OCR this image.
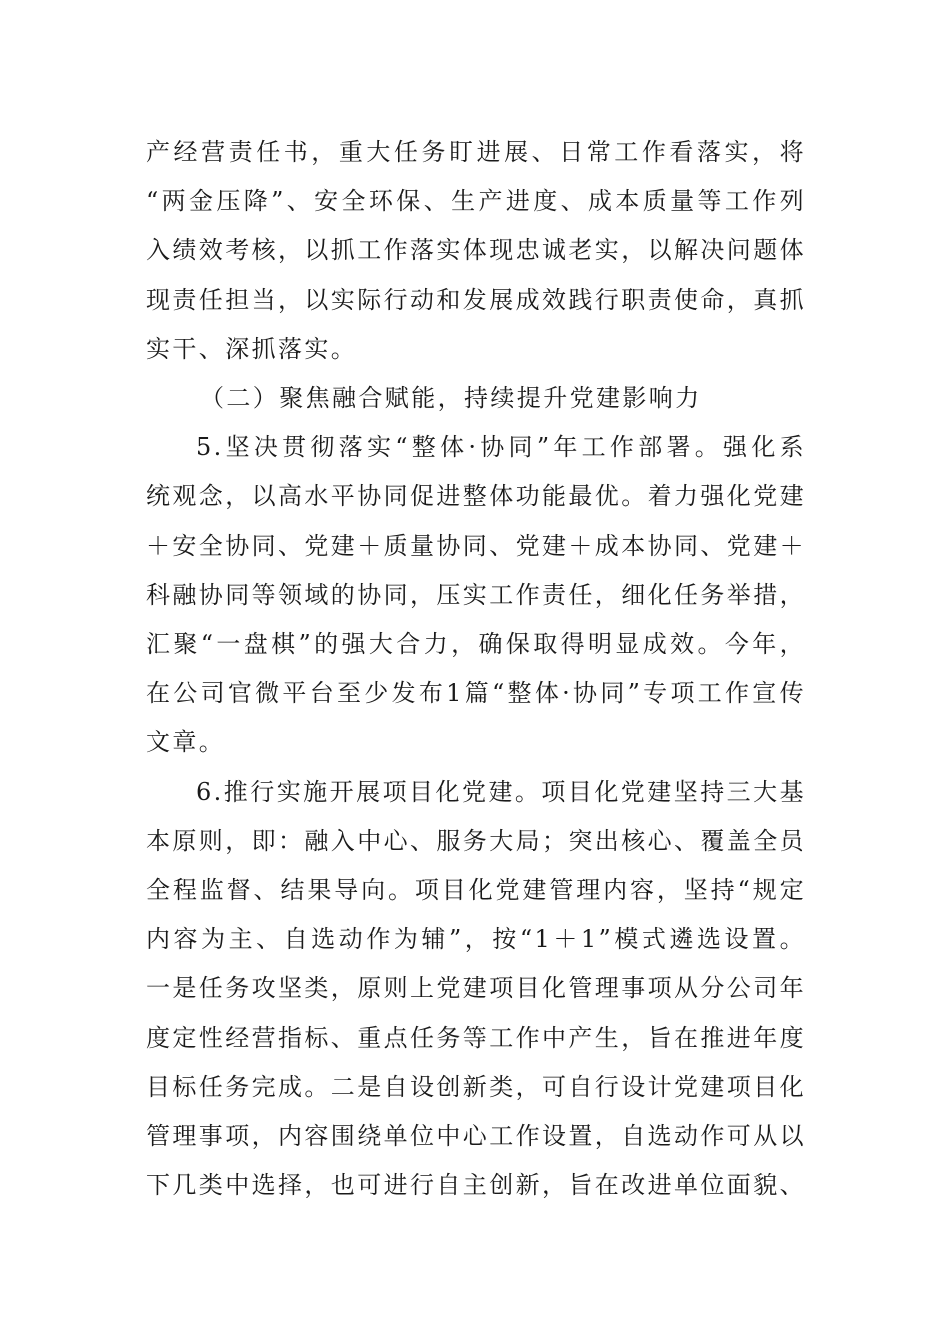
产经营责任书，重大任务盯进展、日常工作看落实，将
“两金压降”、安全环保、生产进度、成本质量等工作列
入绩效考核，以抓工作落实体现忠诚老实，以解决问题体
现责任担当，以实际行动和发展成效践行职责使命，真抓
实干、深抓落实。
（二）聚焦融合赋能，持续提升党建影响力
5.坚决贯彻落实“整体·协同”年工作部署。强化系
统观念，以高水平协同促进整体功能最优。着力强化党建
＋安全协同、党建＋质量协同、党建＋成本协同、党建＋
科融协同等领域的协同，压实工作责任，细化任务举措，
汇聚“一盘棋”的强大合力，确保取得明显成效。今年，
在公司官微平台至少发布1篇“整体·协同”专项工作宣传
文章。
6.推行实施开展项目化党建。项目化党建坚持三大基
本原则，即：融入中心、服务大局；突出核心、覆盖全员
全程监督、结果导向。项目化党建管理内容，坚持“规定
内容为主、自选动作为辅”，按“1＋1”模式遴选设置。
一是任务攻坚类，原则上党建项目化管理事项从分公司年
度定性经营指标、重点任务等工作中产生，旨在推进年度
目标任务完成。二是自设创新类，可自行设计党建项目化
管理事项，内容围绕单位中心工作设置，自选动作可从以
下几类中选择，也可进行自主创新，旨在改进单位面貌、
